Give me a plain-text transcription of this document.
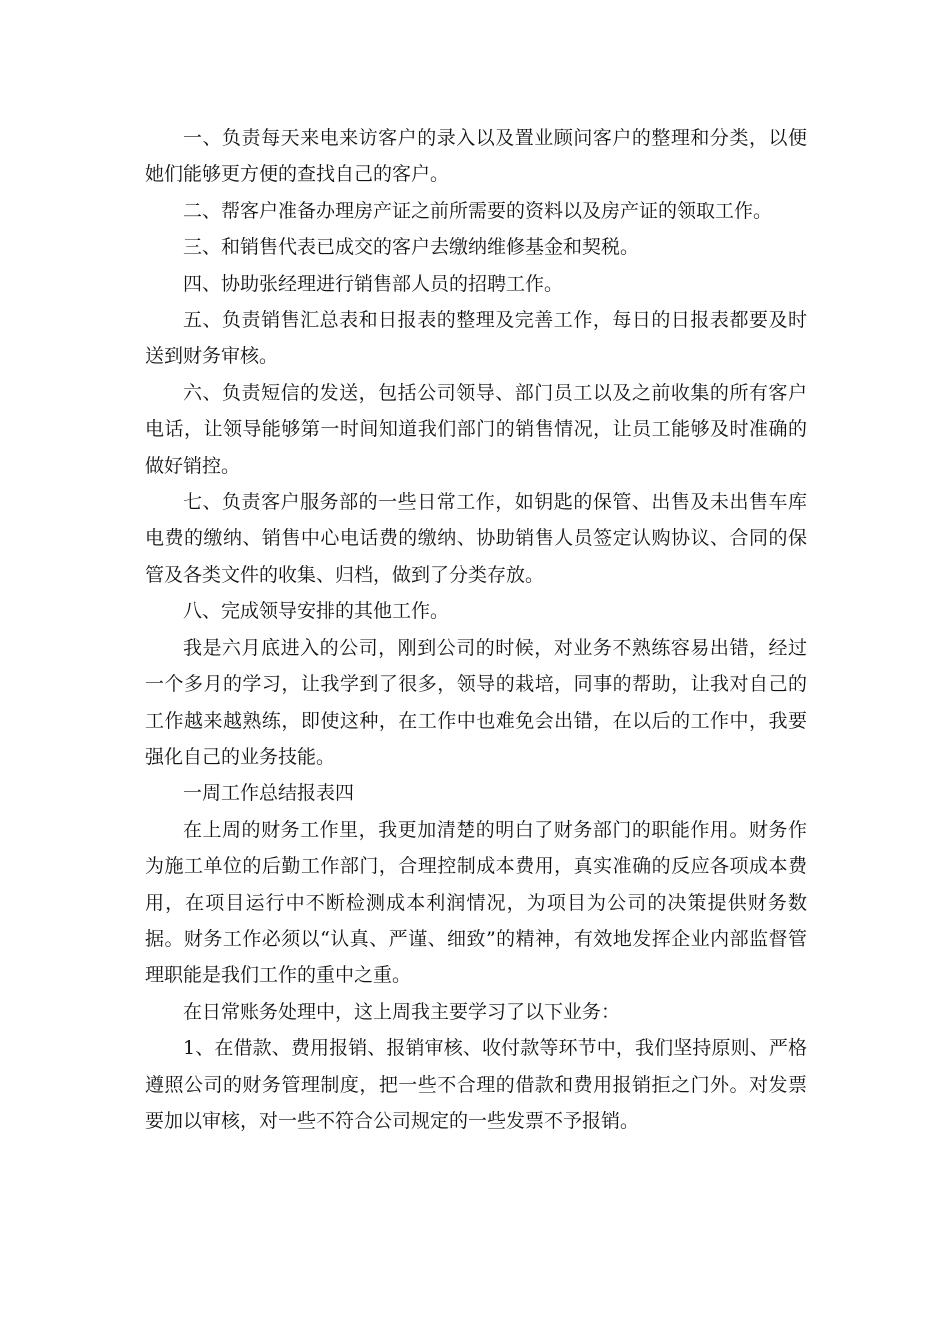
一、负责每天来电来访客户的录入以及置业顾问客户的整理和分类，以便她们能够更方便的查找自己的客户。

二、帮客户准备办理房产证之前所需要的资料以及房产证的领取工作。

三、和销售代表已成交的客户去缴纳维修基金和契税。

四、协助张经理进行销售部人员的招聘工作。

五、负责销售汇总表和日报表的整理及完善工作，每日的日报表都要及时送到财务审核。

六、负责短信的发送，包括公司领导、部门员工以及之前收集的所有客户电话，让领导能够第一时间知道我们部门的销售情况，让员工能够及时准确的做好销控。

七、负责客户服务部的一些日常工作，如钥匙的保管、出售及未出售车库电费的缴纳、销售中心电话费的缴纳、协助销售人员签定认购协议、合同的保管及各类文件的收集、归档，做到了分类存放。

八、完成领导安排的其他工作。

我是六月底进入的公司，刚到公司的时候，对业务不熟练容易出错，经过一个多月的学习，让我学到了很多，领导的栽培，同事的帮助，让我对自己的工作越来越熟练，即使这种，在工作中也难免会出错，在以后的工作中，我要强化自己的业务技能。

一周工作总结报表四

在上周的财务工作里，我更加清楚的明白了财务部门的职能作用。财务作为施工单位的后勤工作部门，合理控制成本费用，真实准确的反应各项成本费用，在项目运行中不断检测成本利润情况，为项目为公司的决策提供财务数据。财务工作必须以“认真、严谨、细致”的精神，有效地发挥企业内部监督管理职能是我们工作的重中之重。

在日常账务处理中，这上周我主要学习了以下业务：

1、在借款、费用报销、报销审核、收付款等环节中，我们坚持原则、严格遵照公司的财务管理制度，把一些不合理的借款和费用报销拒之门外。对发票要加以审核，对一些不符合公司规定的一些发票不予报销。
